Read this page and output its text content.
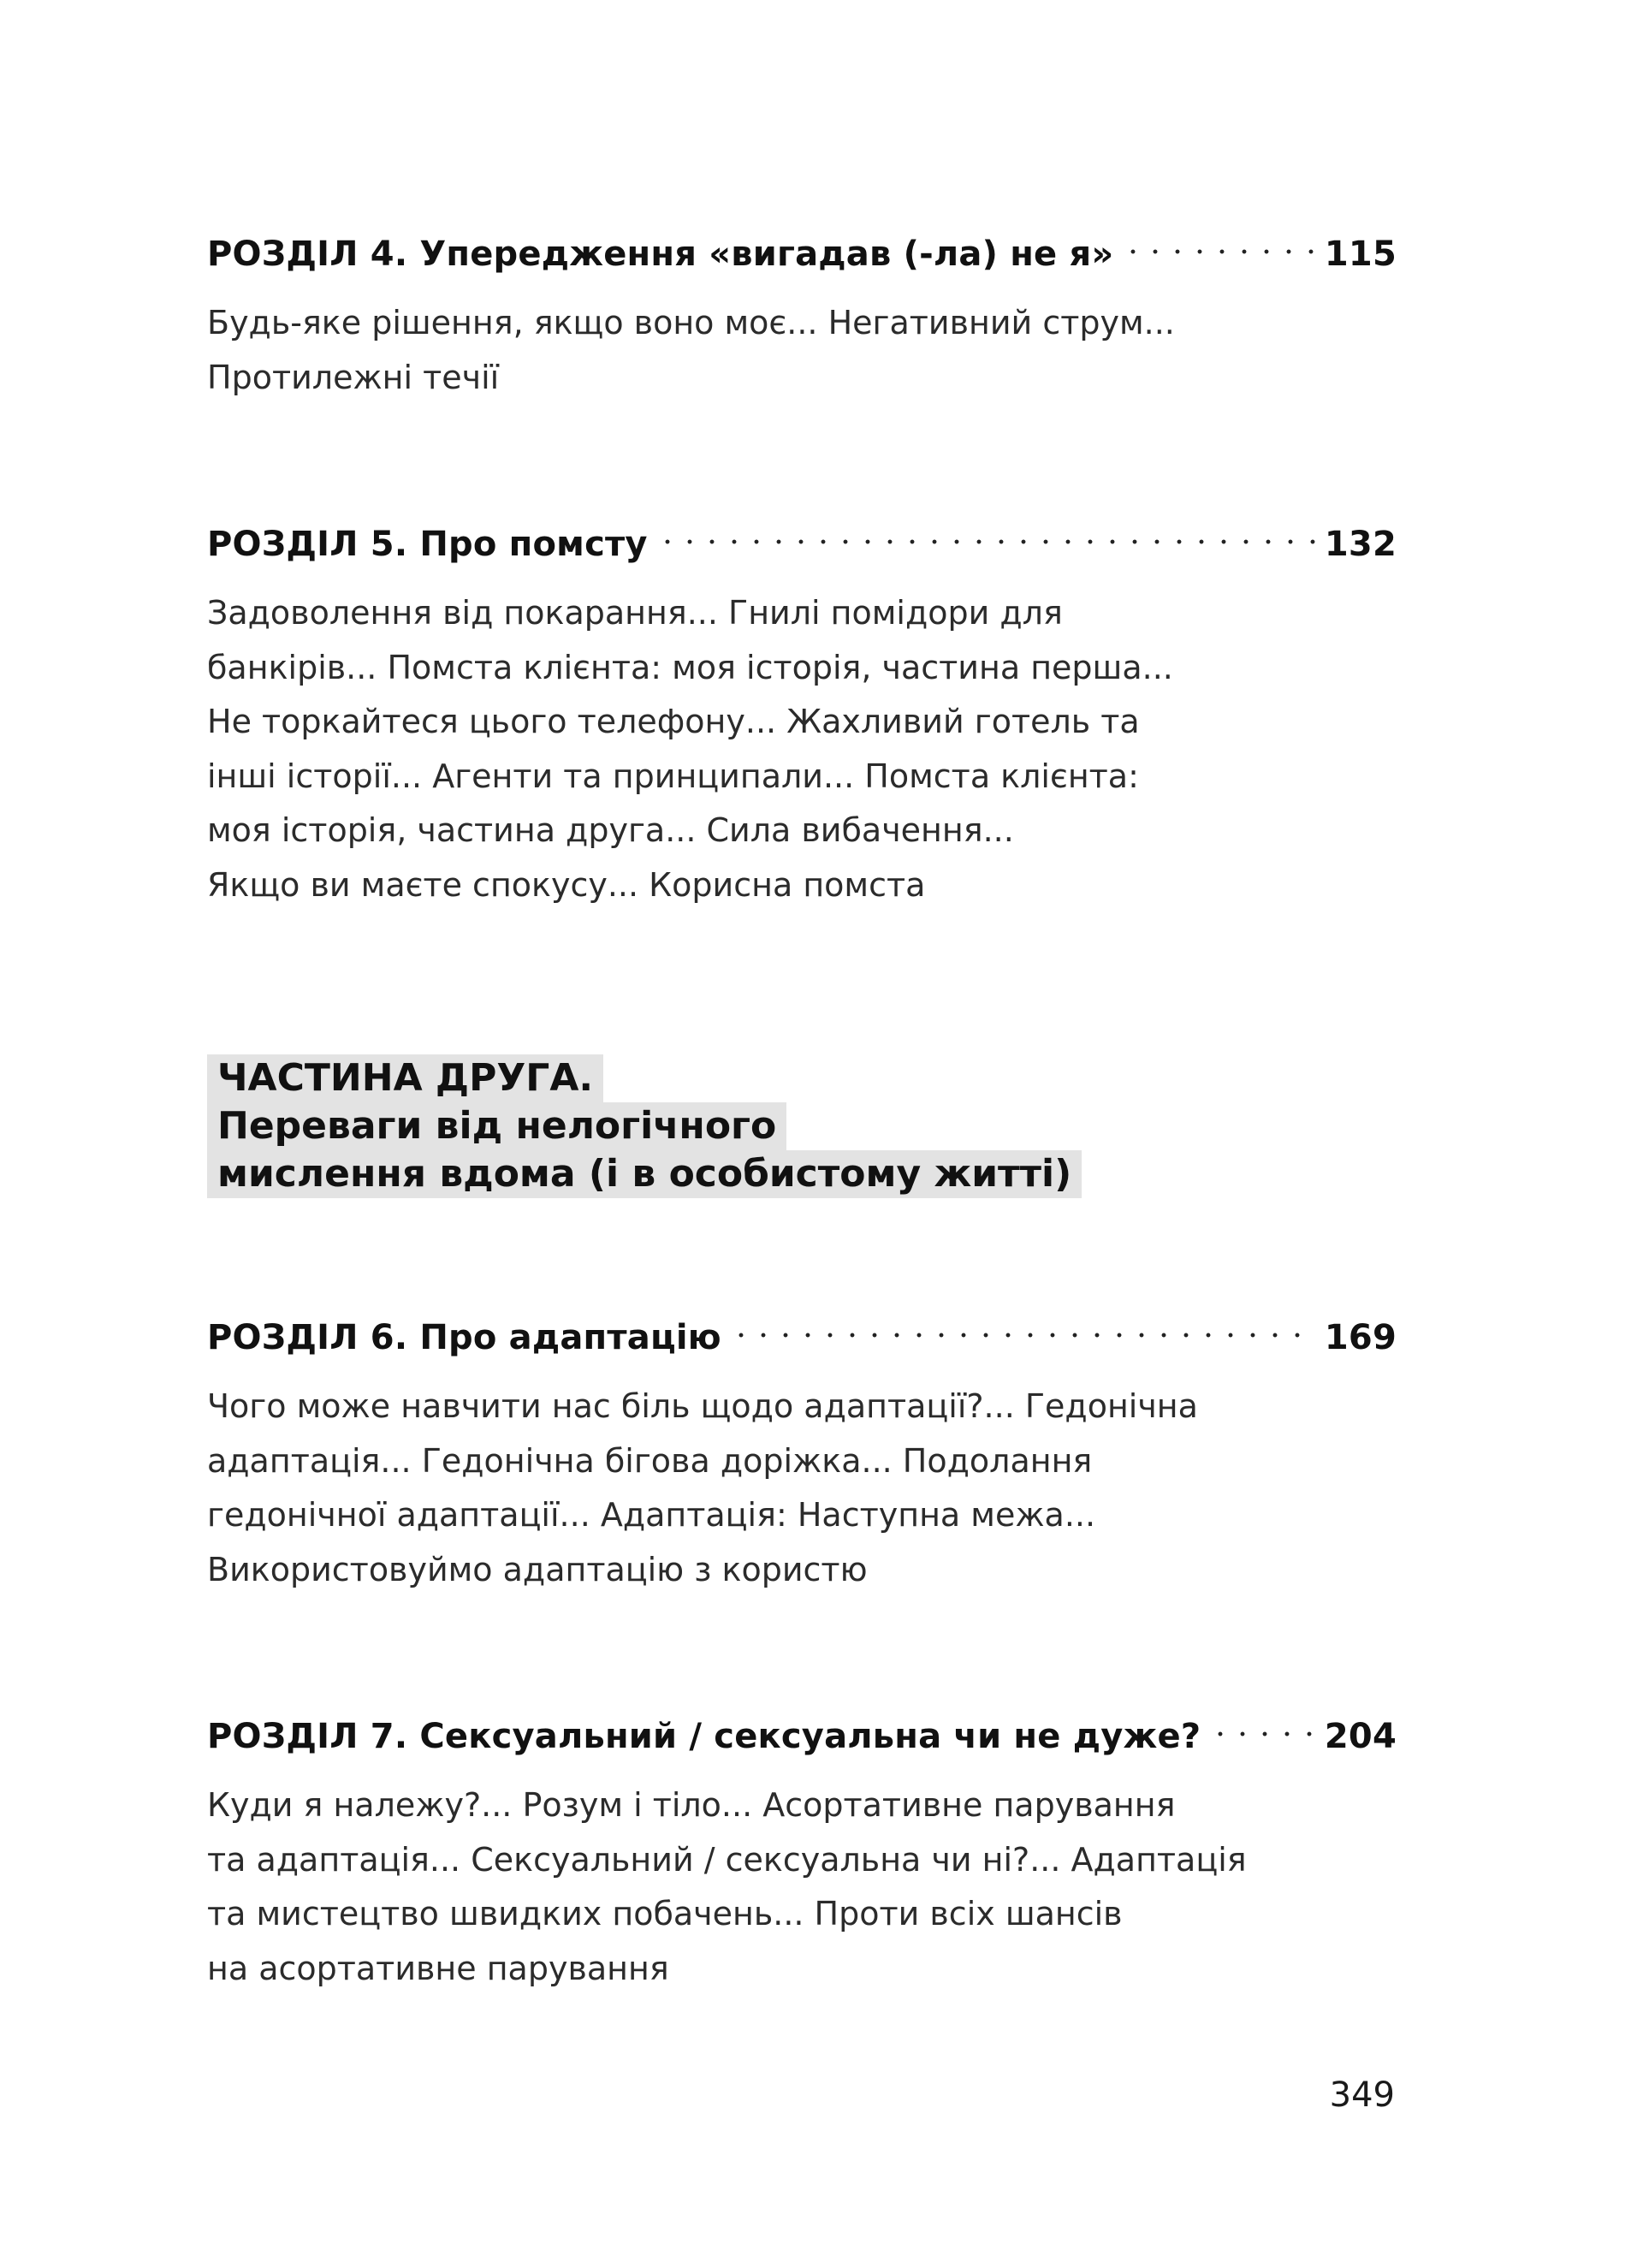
РОЗДІЛ 4. Упередження «вигадав (-ла) не я»	115
Будь-яке рішення, якщо воно моє... Негативний струм...
Протилежні течії
РОЗДІЛ 5. Про помсту	132
Задоволення від покарання... Гнилі помідори для
банкірів... Помста клієнта: моя історія, частина перша...
Не торкайтеся цього телефону... Жахливий готель та
інші історії... Агенти та принципали... Помста клієнта:
моя історія, частина друга... Сила вибачення...
Якщо ви маєте спокусу... Корисна помста
ЧАСТИНА ДРУГА.
Переваги від нелогічного
мислення вдома (і в особистому житті)
РОЗДІЛ 6. Про адаптацію	169
Чого може навчити нас біль щодо адаптації?... Гедонічна
адаптація... Гедонічна бігова доріжка... Подолання
гедонічної адаптації... Адаптація: Наступна межа...
Використовуймо адаптацію з користю
РОЗДІЛ 7. Сексуальний / сексуальна чи не дуже?	204
Куди я належу?... Розум і тіло... Асортативне парування
та адаптація... Сексуальний / сексуальна чи ні?... Адаптація
та мистецтво швидких побачень... Проти всіх шансів
на асортативне парування
349
